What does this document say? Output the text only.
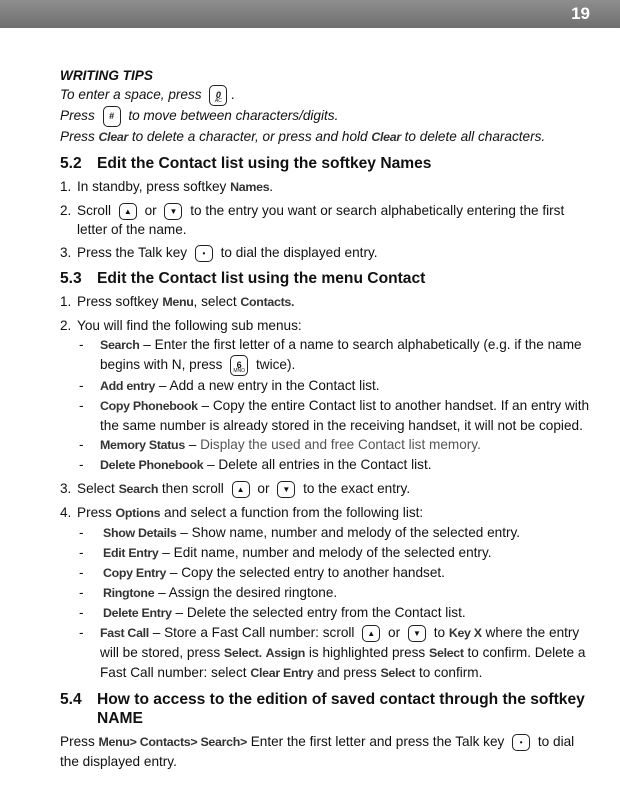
19
WRITING TIPS
To enter a space, press 0
AC .
Press # to move between characters/digits.
Press Clear to delete a character, or press and hold Clear to delete all characters.
5.2 Edit the Contact list using the softkey Names
1. In standby, press softkey Names.
2. Scroll	▲ or	▼ to the entry you want or search alphabetically entering the first letter of the name.
3. Press the Talk key	•	to dial the displayed entry.
5.3 Edit the Contact list using the menu Contact
1. Press softkey Menu, select Contacts.
2. You will find the following sub menus:
-	Search – Enter the first letter of a name to search alphabetically (e.g. if the name begins with N, press 6
MNO twice).
-	Add entry – Add a new entry in the Contact list.
-	Copy Phonebook – Copy the entire Contact list to another handset. If an entry with the same number is already stored in the receiving handset, it will not be copied.
-	Memory Status – Display the used and free Contact list memory.
-	Delete Phonebook – Delete all entries in the Contact list.
3. Select Search then scroll	▲ or	▼ to the exact entry.
4. Press Options and select a function from the following list:
-	Show Details – Show name, number and melody of the selected entry.
-	Edit Entry – Edit name, number and melody of the selected entry.
-	Copy Entry – Copy the selected entry to another handset.
-	Ringtone – Assign the desired ringtone.
-	Delete Entry – Delete the selected entry from the Contact list.
-	Fast Call – Store a Fast Call number: scroll	▲ or	▼ to Key X where the entry will be stored, press Select. Assign is highlighted press Select to confirm. Delete a Fast Call number: select Clear Entry and press Select to confirm.
5.4 How to access to the edition of saved contact through the softkey NAME
Press Menu> Contacts> Search> Enter the first letter and press the Talk key	•	to dial the displayed entry.
